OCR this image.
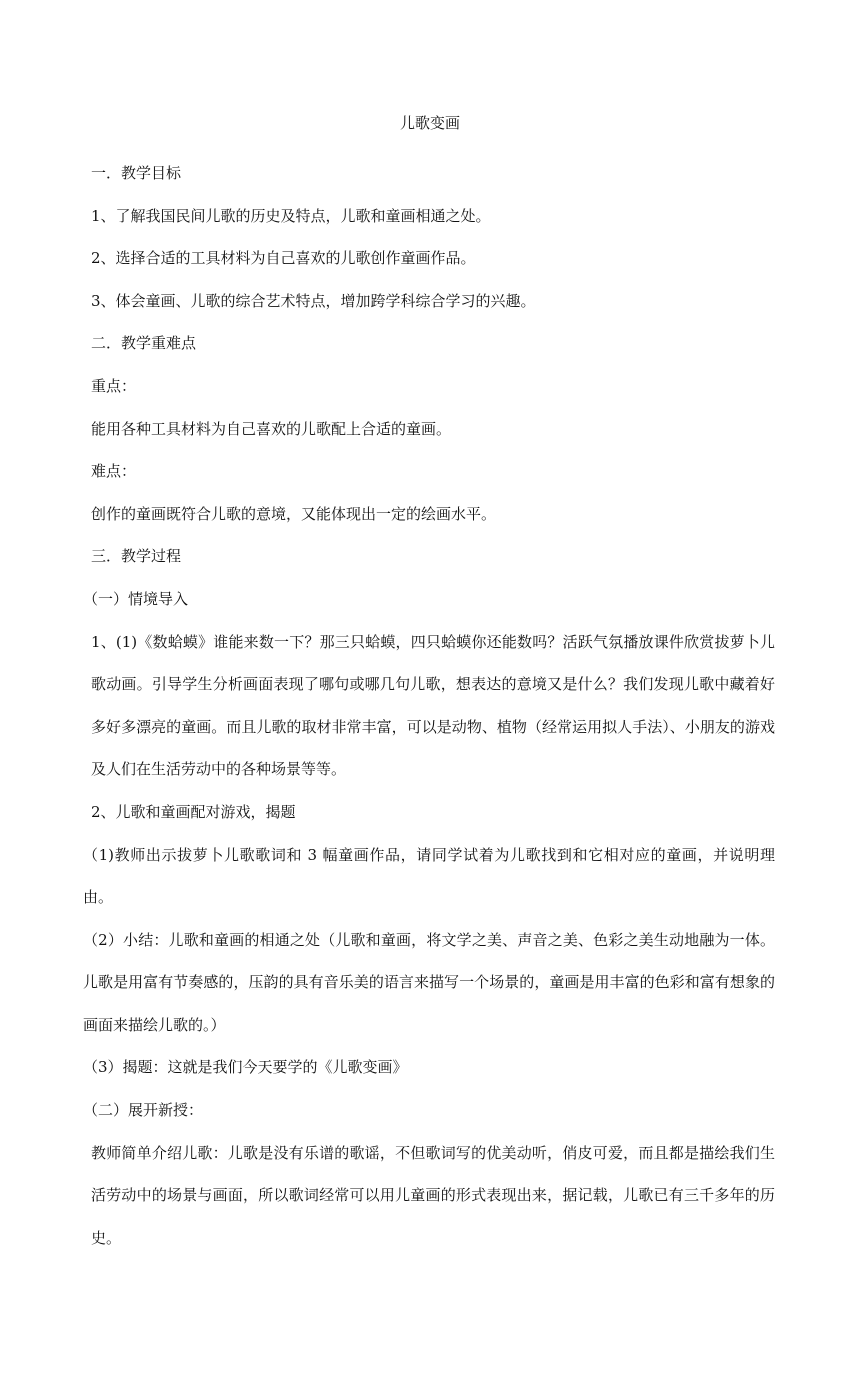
儿歌变画

一．教学目标

1、了解我国民间儿歌的历史及特点，儿歌和童画相通之处。

2、选择合适的工具材料为自己喜欢的儿歌创作童画作品。

3、体会童画、儿歌的综合艺术特点，增加跨学科综合学习的兴趣。

二．教学重难点

重点：

能用各种工具材料为自己喜欢的儿歌配上合适的童画。

难点：

创作的童画既符合儿歌的意境，又能体现出一定的绘画水平。

三．教学过程

（一）情境导入

1、(1)《数蛤蟆》谁能来数一下？那三只蛤蟆，四只蛤蟆你还能数吗？活跃气氛播放课件欣赏拔萝卜儿歌动画。引导学生分析画面表现了哪句或哪几句儿歌，想表达的意境又是什么？我们发现儿歌中藏着好多好多漂亮的童画。而且儿歌的取材非常丰富，可以是动物、植物（经常运用拟人手法）、小朋友的游戏及人们在生活劳动中的各种场景等等。

2、儿歌和童画配对游戏，揭题

（1)教师出示拔萝卜儿歌歌词和 3 幅童画作品，请同学试着为儿歌找到和它相对应的童画，并说明理由。

（2）小结：儿歌和童画的相通之处（儿歌和童画，将文学之美、声音之美、色彩之美生动地融为一体。儿歌是用富有节奏感的，压韵的具有音乐美的语言来描写一个场景的，童画是用丰富的色彩和富有想象的画面来描绘儿歌的。）

（3）揭题：这就是我们今天要学的《儿歌变画》

（二）展开新授：

教师简单介绍儿歌：儿歌是没有乐谱的歌谣，不但歌词写的优美动听，俏皮可爱，而且都是描绘我们生活劳动中的场景与画面，所以歌词经常可以用儿童画的形式表现出来，据记载，儿歌已有三千多年的历史。
